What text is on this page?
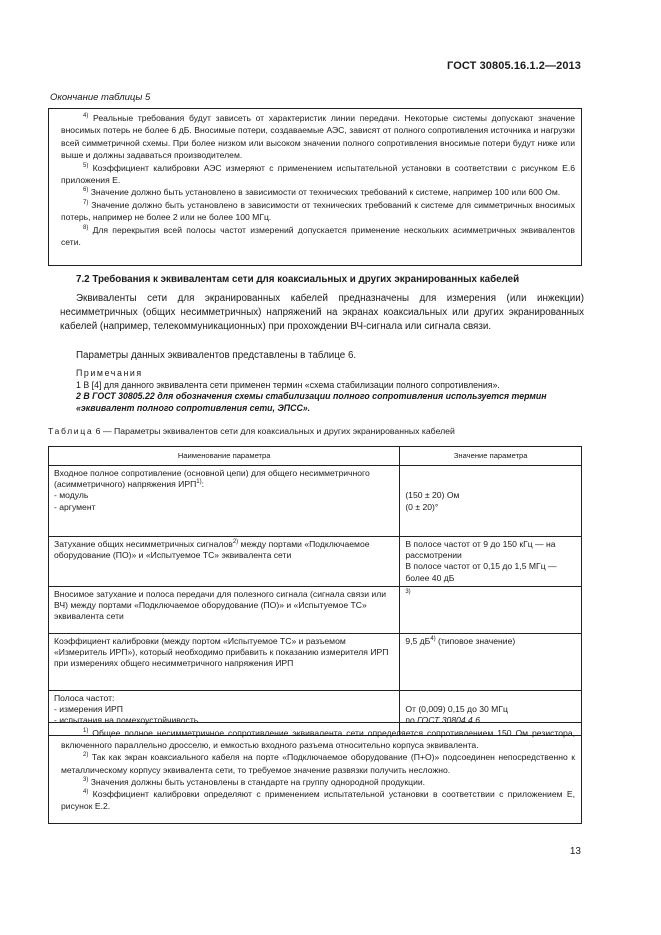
ГОСТ 30805.16.1.2—2013
Окончание таблицы 5

$^{4)}$ Реальные требования будут зависеть от характеристик линии передачи. Некоторые системы допускают значение вносимых потерь не более 6 дБ. Вносимые потери, создаваемые АЭС, зависят от полного сопротивления источника и нагрузки всей симметричной схемы. При более низком или высоком значении полного сопротивления вносимые потери будут ниже или выше и должны задаваться производителем.

$^{5)}$ Коэффициент калибровки АЭС измеряют с применением испытательной установки в соответствии с рисунком Е.6 приложения Е.

$^{6)}$ Значение должно быть установлено в зависимости от технических требований к системе, например 100 или 600 Ом.

$^{7)}$ Значение должно быть установлено в зависимости от технических требований к системе для симметричных вносимых потерь, например не более 2 или не более 100 МГц.

$^{8)}$ Для перекрытия всей полосы частот измерений допускается применение нескольких асимметричных эквивалентов сети.

7.2 Требования к эквивалентам сети для коаксиальных и других экранированных кабелей

Эквиваленты сети для экранированных кабелей предназначены для измерения (или инжекции) несимметричных (общих несимметричных) напряжений на экранах коаксиальных или других экранированных кабелей (например, телекоммуникационных) при прохождении ВЧ-сигнала или сигнала связи.

Параметры данных эквивалентов представлены в таблице 6.

Примечания
1 В [4] для данного эквивалента сети применен термин «схема стабилизации полного сопротивления».
2 В ГОСТ 30805.22 для обозначения схемы стабилизации полного сопротивления используется термин «эквивалент полного сопротивления сети, ЭПСС».
Таблица 6 — Параметры эквивалентов сети для коаксиальных и других экранированных кабелей
Наименование параметра	Значение параметра
Входное полное сопротивление (основной цепи) для общего несимметричного (асимметричного) напряжения ИРП$^{1)}$:
- модуль
- аргумент	(150 ± 20) Ом
(0 ± 20)°
Затухание общих несимметричных сигналов$^{2)}$ между портами «Подключаемое оборудование (ПО)» и «Испытуемое ТС» эквивалента сети	В полосе частот от 9 до 150 кГц — на рассмотрении
В полосе частот от 0,15 до 1,5 МГц — более 40 дБ
Вносимое затухание и полоса передачи для полезного сигнала (сигнала связи или ВЧ) между портами «Подключаемое оборудование (ПО)» и «Испытуемое ТС» эквивалента сети	$^{3)}$
Коэффициент калибровки (между портом «Испытуемое ТС» и разъемом «Измеритель ИРП»), который необходимо прибавить к показанию измерителя ИРП при измерениях общего несимметричного напряжения ИРП	9,5 $дБ^{4)}$ (типовое значение)
Полоса частот:
- измерения ИРП
- испытания на помехоустойчивость	От (0,009) 0,15 до 30 МГц
по ГОСТ 30804.4.6

$^{1)}$ Общее полное несимметричное сопротивление эквивалента сети определяется сопротивлением 150 Ом резистора, включенного параллельно дросселю, и емкостью входного разъема относительно корпуса эквивалента.

$^{2)}$ Так как экран коаксиального кабеля на порте «Подключаемое оборудование (П+О)» подсоединен непосредственно к металлическому корпусу эквивалента сети, то требуемое значение развязки получить несложно.

$^{3)}$ Значения должны быть установлены в стандарте на группу однородной продукции.

$^{4)}$ Коэффициент калибровки определяют с применением испытательной установки в соответствии с приложением Е, рисунок Е.2.

13
